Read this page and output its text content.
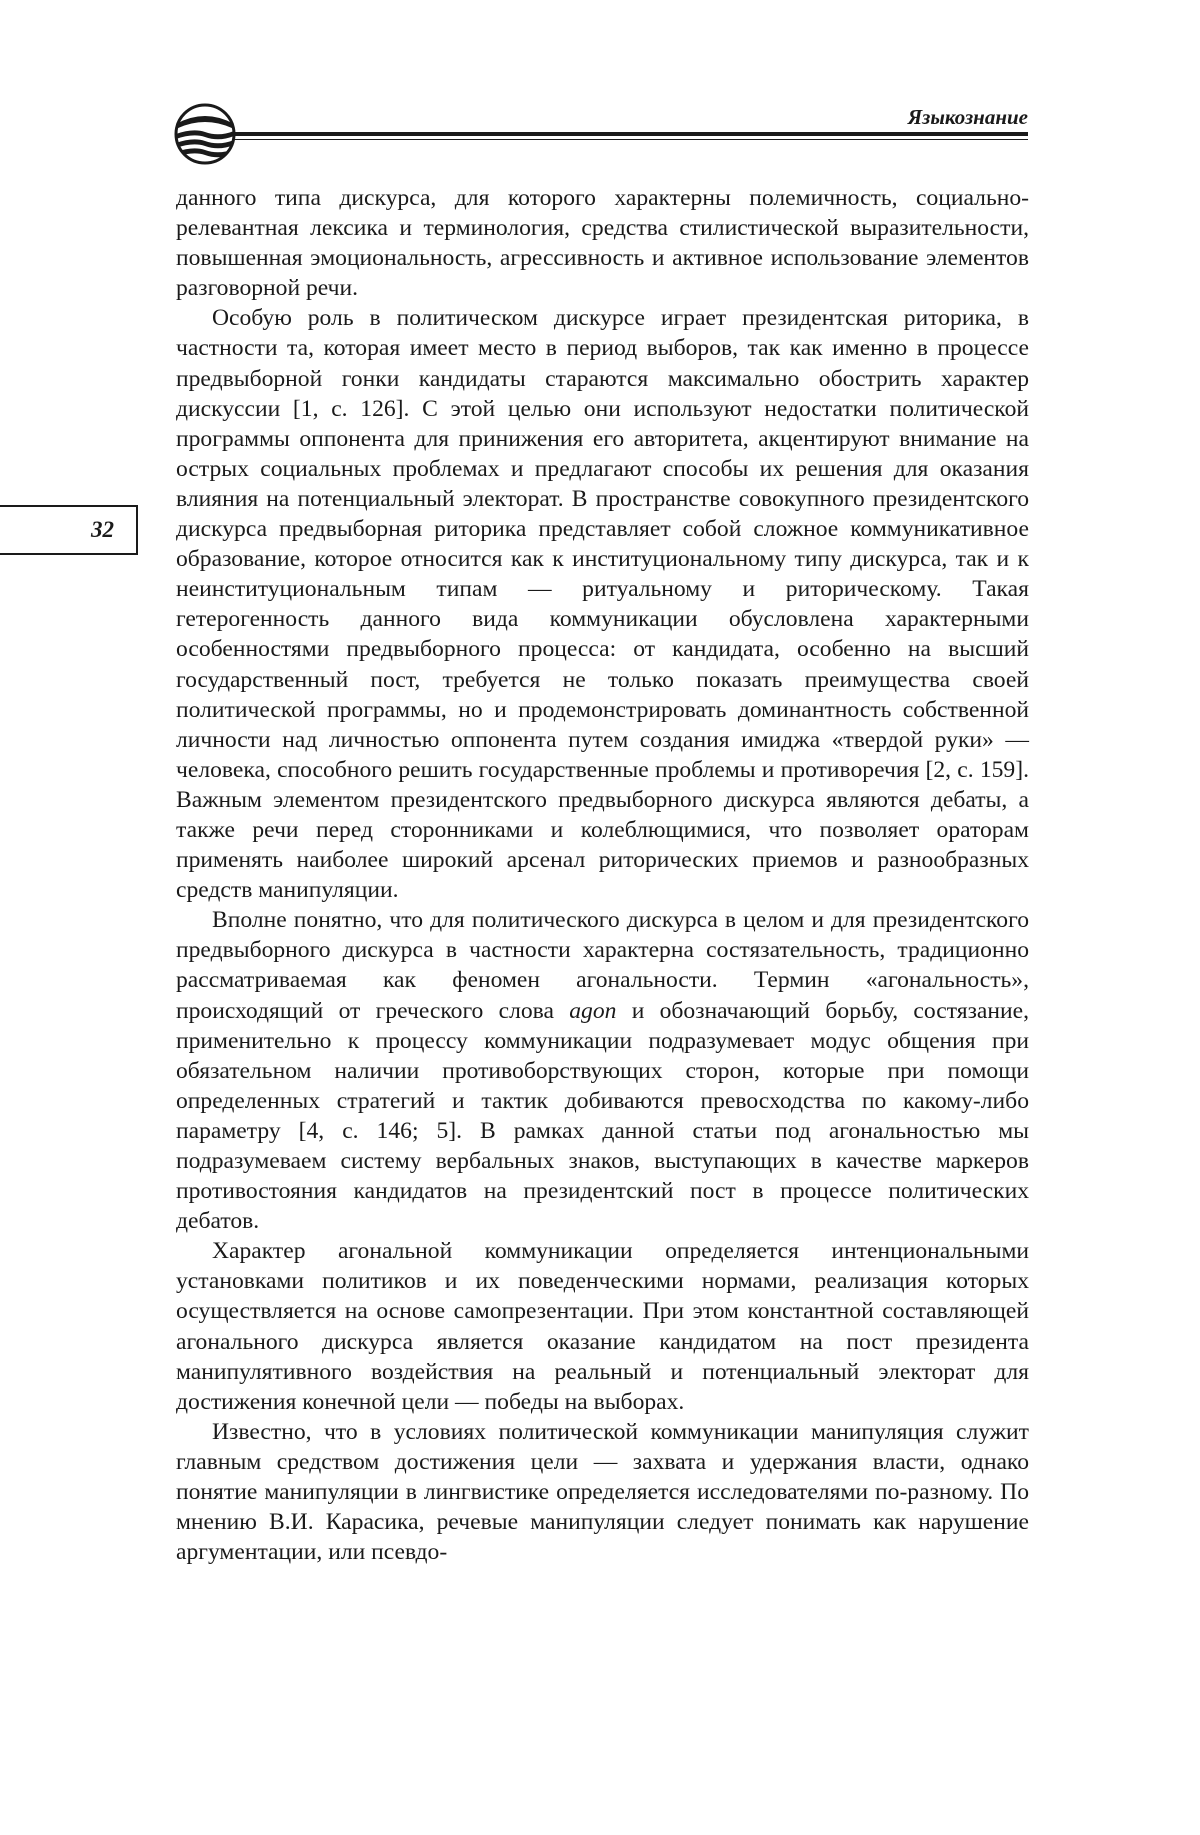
Языкознание
32

данного типа дискурса, для которого характерны полемичность, социально-релевантная лексика и терминология, средства стилистической выразительности, повышенная эмоциональность, агрессивность и активное использование элементов разговорной речи.

Особую роль в политическом дискурсе играет президентская риторика, в частности та, которая имеет место в период выборов, так как именно в процессе предвыборной гонки кандидаты стараются максимально обострить характер дискуссии [1, с. 126]. С этой целью они используют недостатки политической программы оппонента для принижения его авторитета, акцентируют внимание на острых социальных проблемах и предлагают способы их решения для оказания влияния на потенциальный электорат. В пространстве совокупного президентского дискурса предвыборная риторика представляет собой сложное коммуникативное образование, которое относится как к институциональному типу дискурса, так и к неинституциональным типам — ритуальному и риторическому. Такая гетерогенность данного вида коммуникации обусловлена характерными особенностями предвыборного процесса: от кандидата, особенно на высший государственный пост, требуется не только показать преимущества своей политической программы, но и продемонстрировать доминантность собственной личности над личностью оппонента путем создания имиджа «твердой руки» — человека, способного решить государственные проблемы и противоречия [2, с. 159]. Важным элементом президентского предвыборного дискурса являются дебаты, а также речи перед сторонниками и колеблющимися, что позволяет ораторам применять наиболее широкий арсенал риторических приемов и разнообразных средств манипуляции.

Вполне понятно, что для политического дискурса в целом и для президентского предвыборного дискурса в частности характерна состязательность, традиционно рассматриваемая как феномен агональности. Термин «агональность», происходящий от греческого слова agon и обозначающий борьбу, состязание, применительно к процессу коммуникации подразумевает модус общения при обязательном наличии противоборствующих сторон, которые при помощи определенных стратегий и тактик добиваются превосходства по какому-либо параметру [4, с. 146; 5]. В рамках данной статьи под агональностью мы подразумеваем систему вербальных знаков, выступающих в качестве маркеров противостояния кандидатов на президентский пост в процессе политических дебатов.

Характер агональной коммуникации определяется интенциональными установками политиков и их поведенческими нормами, реализация которых осуществляется на основе самопрезентации. При этом константной составляющей агонального дискурса является оказание кандидатом на пост президента манипулятивного воздействия на реальный и потенциальный электорат для достижения конечной цели — победы на выборах.

Известно, что в условиях политической коммуникации манипуляция служит главным средством достижения цели — захвата и удержания власти, однако понятие манипуляции в лингвистике определяется исследователями по-разному. По мнению В.И. Карасика, речевые манипуляции следует понимать как нарушение аргументации, или псевдо-
